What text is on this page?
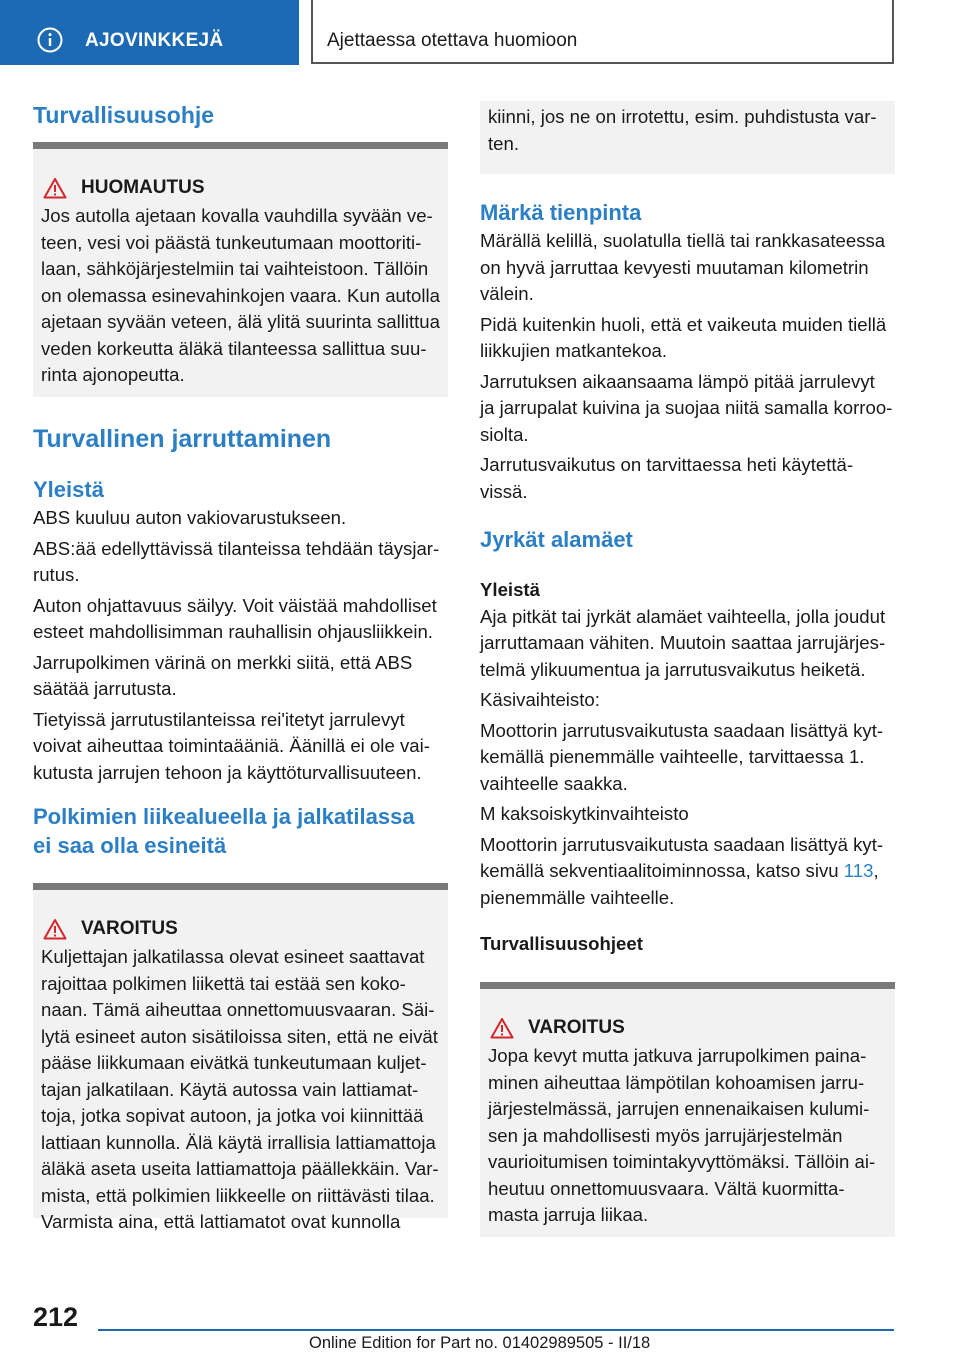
AJOVINKKEJÄ	Ajettaessa otettava huomioon
Turvallisuusohje
HUOMAUTUS
Jos autolla ajetaan kovalla vauhdilla syvään ve-
teen, vesi voi päästä tunkeutumaan moottoriti-
laan, sähköjärjestelmiin tai vaihteistoon. Tällöin
on olemassa esinevahinkojen vaara. Kun autolla
ajetaan syvään veteen, älä ylitä suurinta sallittua
veden korkeutta äläkä tilanteessa sallittua suu-
rinta ajonopeutta.
Turvallinen jarruttaminen
Yleistä

ABS kuuluu auton vakiovarustukseen.

ABS:ää edellyttävissä tilanteissa tehdään täysjar-
rutus.

Auton ohjattavuus säilyy. Voit väistää mahdolliset
esteet mahdollisimman rauhallisin ohjausliikkein.

Jarrupolkimen värinä on merkki siitä, että ABS
säätää jarrutusta.

Tietyissä jarrutustilanteissa rei'itetyt jarrulevyt
voivat aiheuttaa toimintaääniä. Äänillä ei ole vai-
kutusta jarrujen tehoon ja käyttöturvallisuuteen.

Polkimien liikealueella ja jalkatilassa
ei saa olla esineitä
VAROITUS
Kuljettajan jalkatilassa olevat esineet saattavat
rajoittaa polkimen liikettä tai estää sen koko-
naan. Tämä aiheuttaa onnettomuusvaaran. Säi-
lytä esineet auton sisätiloissa siten, että ne eivät
pääse liikkumaan eivätkä tunkeutumaan kuljet-
tajan jalkatilaan. Käytä autossa vain lattiamat-
toja, jotka sopivat autoon, ja jotka voi kiinnittää
lattiaan kunnolla. Älä käytä irrallisia lattiamattoja
äläkä aseta useita lattiamattoja päällekkäin. Var-
mista, että polkimien liikkeelle on riittävästi tilaa.
Varmista aina, että lattiamatot ovat kunnolla
kiinni, jos ne on irrotettu, esim. puhdistusta var-
ten.
Märkä tienpinta

Märällä kelillä, suolatulla tiellä tai rankkasateessa
on hyvä jarruttaa kevyesti muutaman kilometrin
välein.

Pidä kuitenkin huoli, että et vaikeuta muiden tiellä
liikkujien matkantekoa.

Jarrutuksen aikaansaama lämpö pitää jarrulevyt
ja jarrupalat kuivina ja suojaa niitä samalla korroo-
siolta.

Jarrutusvaikutus on tarvittaessa heti käytettä-
vissä.

Jyrkät alamäet
Yleistä

Aja pitkät tai jyrkät alamäet vaihteella, jolla joudut
jarruttamaan vähiten. Muutoin saattaa jarrujärjes-
telmä ylikuumentua ja jarrutusvaikutus heiketä.

Käsivaihteisto:

Moottorin jarrutusvaikutusta saadaan lisättyä kyt-
kemällä pienemmälle vaihteelle, tarvittaessa 1.
vaihteelle saakka.

M kaksoiskytkinvaihteisto

Moottorin jarrutusvaikutusta saadaan lisättyä kyt-
kemällä sekventiaalitoiminnossa, katso sivu 113,
pienemmälle vaihteelle.

Turvallisuusohjeet
VAROITUS
Jopa kevyt mutta jatkuva jarrupolkimen paina-
minen aiheuttaa lämpötilan kohoamisen jarru-
järjestelmässä, jarrujen ennenaikaisen kulumi-
sen ja mahdollisesti myös jarrujärjestelmän
vaurioitumisen toimintakyvyttömäksi. Tällöin ai-
heutuu onnettomuusvaara. Vältä kuormitta-
masta jarruja liikaa.
212
Online Edition for Part no. 01402989505 - II/18
